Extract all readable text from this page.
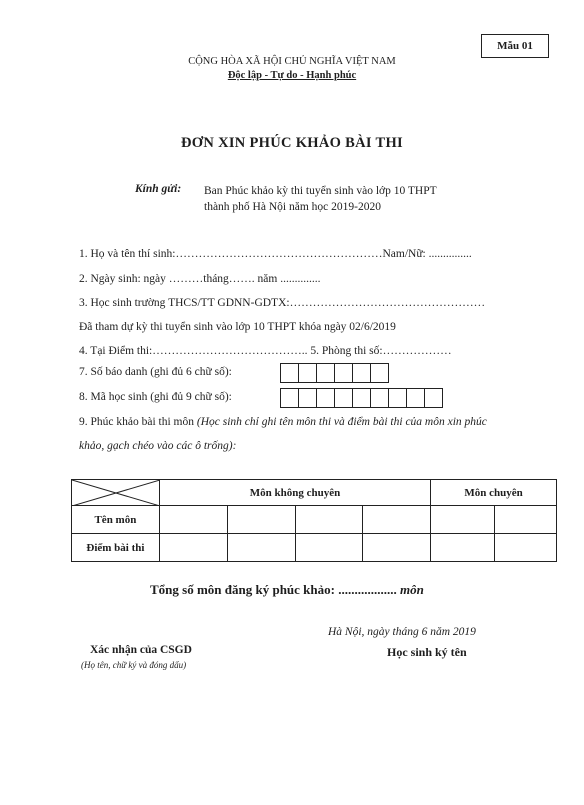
Mẫu 01
CỘNG HÒA XÃ HỘI CHỦ NGHĨA VIỆT NAM
Độc lập - Tự do - Hạnh phúc
ĐƠN XIN PHÚC KHẢO BÀI THI
Kính gửi: Ban Phúc khảo kỳ thi tuyển sinh vào lớp 10 THPT
thành phố Hà Nội năm học 2019-2020
1. Họ và tên thí sinh:………………………………………………Nam/Nữ: ...............
2. Ngày sinh: ngày ………tháng……. năm ..............
3. Học sinh trường THCS/TT GDNN-GDTX:……………………………………………
Đã tham dự kỳ thi tuyển sinh vào lớp 10 THPT khóa ngày 02/6/2019
4. Tại Điểm thi:………………………………….. 5. Phòng thi số:………………
7. Số báo danh (ghi đủ 6 chữ số):
8. Mã học sinh (ghi đủ 9 chữ số):
9. Phúc khảo bài thi môn (Học sinh chỉ ghi tên môn thi và điểm bài thi của môn xin phúc
khảo, gạch chéo vào các ô trống):
	Môn không chuyên				Môn chuyên	
Tên môn						
Điểm bài thi						
Tổng số môn đăng ký phúc khảo: .................. môn
Hà Nội, ngày tháng 6 năm 2019
Học sinh ký tên
Xác nhận của CSGD
(Họ tên, chữ ký và đóng dấu)
